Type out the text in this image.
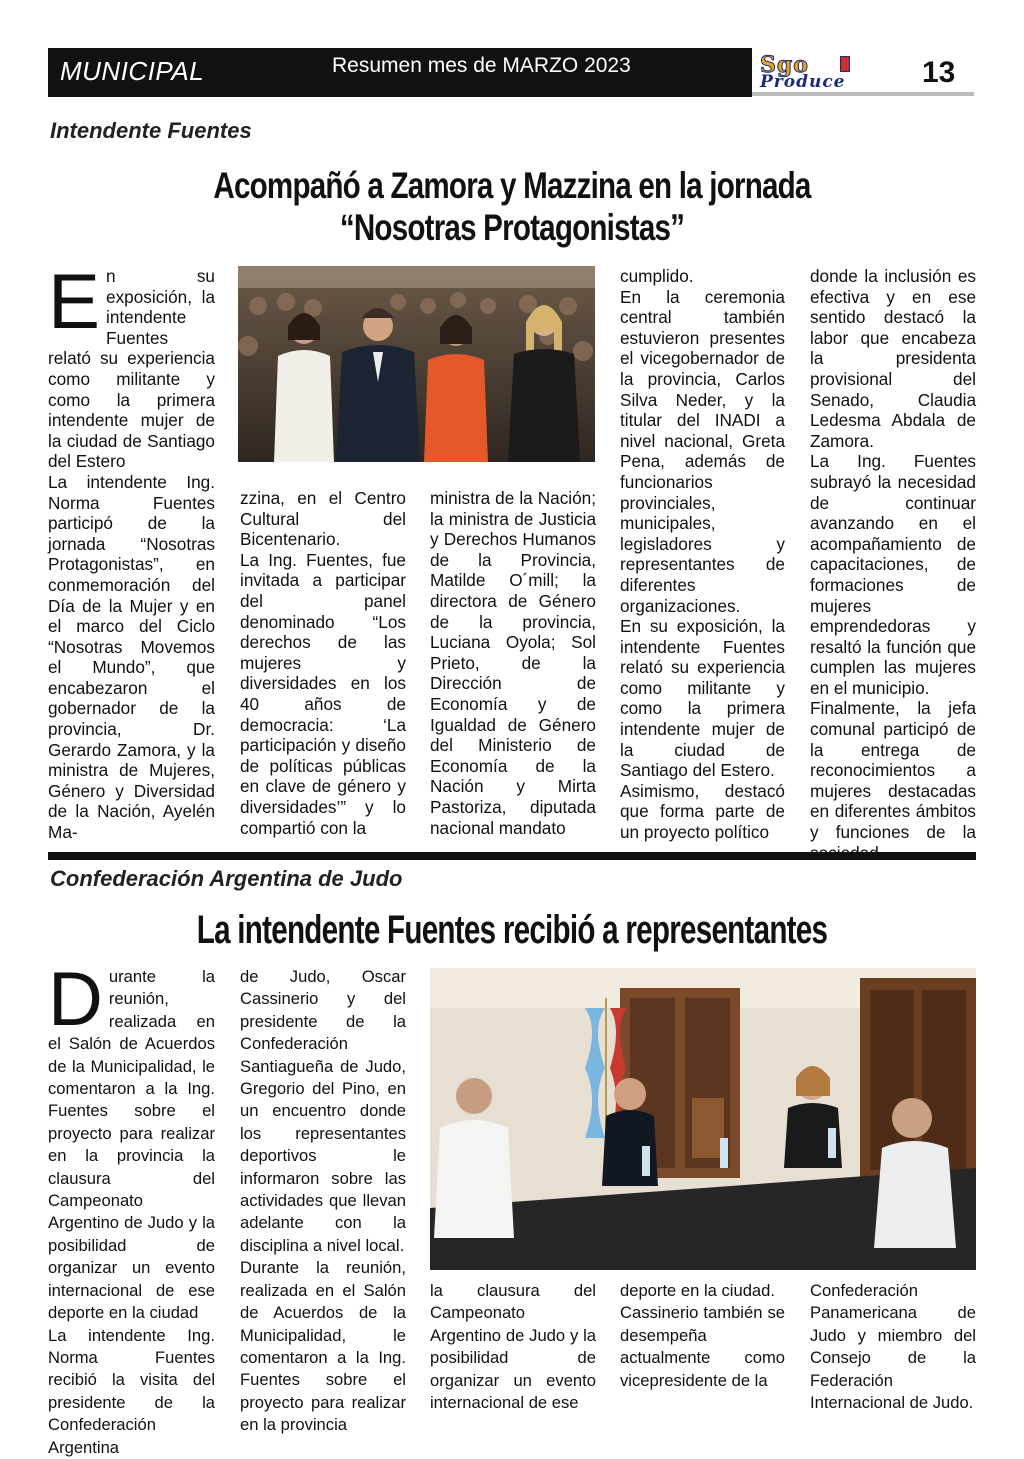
MUNICIPAL	Resumen mes de MARZO 2023	Sgo
Produce	13
Intendente Fuentes
Acompañó a Zamora y Mazzina en la jornada
“Nosotras Protagonistas”
E n su exposición, la intendente Fuentes relató su experiencia como militante y como la primera intendente mujer de la ciudad de Santiago del Estero
La intendente Ing. Norma Fuentes participó de la jornada “Nosotras Protagonistas”, en conmemoración del Día de la Mujer y en el marco del Ciclo “Nosotras Movemos el Mundo”, que encabezaron el gobernador de la provincia, Dr. Gerardo Zamora, y la ministra de Mujeres, Género y Diversidad de la Nación, Ayelén Ma-

zzina, en el Centro Cultural del Bicentenario.
La Ing. Fuentes, fue invitada a participar del panel denominado “Los derechos de las mujeres y diversidades en los 40 años de democracia: ‘La participación y diseño de políticas públicas en clave de género y diversidades’” y lo compartió con la

ministra de la Nación; la ministra de Justicia y Derechos Humanos de la Provincia, Matilde O´mill; la directora de Género de la provincia, Luciana Oyola; Sol Prieto, de la Dirección de Economía y de Igualdad de Género del Ministerio de Economía de la Nación y Mirta Pastoriza, diputada nacional mandato

cumplido.
En la ceremonia central también estuvieron presentes el vicegobernador de la provincia, Carlos Silva Neder, y la titular del INADI a nivel nacional, Greta Pena, además de funcionarios provinciales, municipales, legisladores y representantes de diferentes organizaciones.
En su exposición, la intendente Fuentes relató su experiencia como militante y como la primera intendente mujer de la ciudad de Santiago del Estero.
Asimismo, destacó que forma parte de un proyecto político

donde la inclusión es efectiva y en ese sentido destacó la labor que encabeza la presidenta provisional del Senado, Claudia Ledesma Abdala de Zamora.
La Ing. Fuentes subrayó la necesidad de continuar avanzando en el acompañamiento de capacitaciones, de formaciones de mujeres emprendedoras y resaltó la función que cumplen las mujeres en el municipio.
Finalmente, la jefa comunal participó de la entrega de reconocimientos a mujeres destacadas en diferentes ámbitos y funciones de la

Confederación Argentina de Judo
La intendente Fuentes recibió a representantes
D urante la reunión, realizada en el Salón de Acuerdos de la Municipalidad, le comentaron a la Ing. Fuentes sobre el proyecto para realizar en la provincia la clausura del Campeonato Argentino de Judo y la posibilidad de organizar un evento internacional de ese deporte en la ciudad
La intendente Ing. Norma Fuentes recibió la visita del presidente de la Confederación Argentina

de Judo, Oscar Cassinerio y del presidente de la Confederación Santiagueña de Judo, Gregorio del Pino, en un encuentro donde los representantes deportivos le informaron sobre las actividades que llevan adelante con la disciplina a nivel local.
Durante la reunión, realizada en el Salón de Acuerdos de la Municipalidad, le comentaron a la Ing. Fuentes sobre el proyecto para realizar en la provincia

la clausura del Campeonato Argentino de Judo y la posibilidad de organizar un evento internacional de ese

deporte en la ciudad.
Cassinerio también se desempeña actualmente como vicepresidente de la

Confederación Panamericana de Judo y miembro del Consejo de la Federación Internacional de Judo.
